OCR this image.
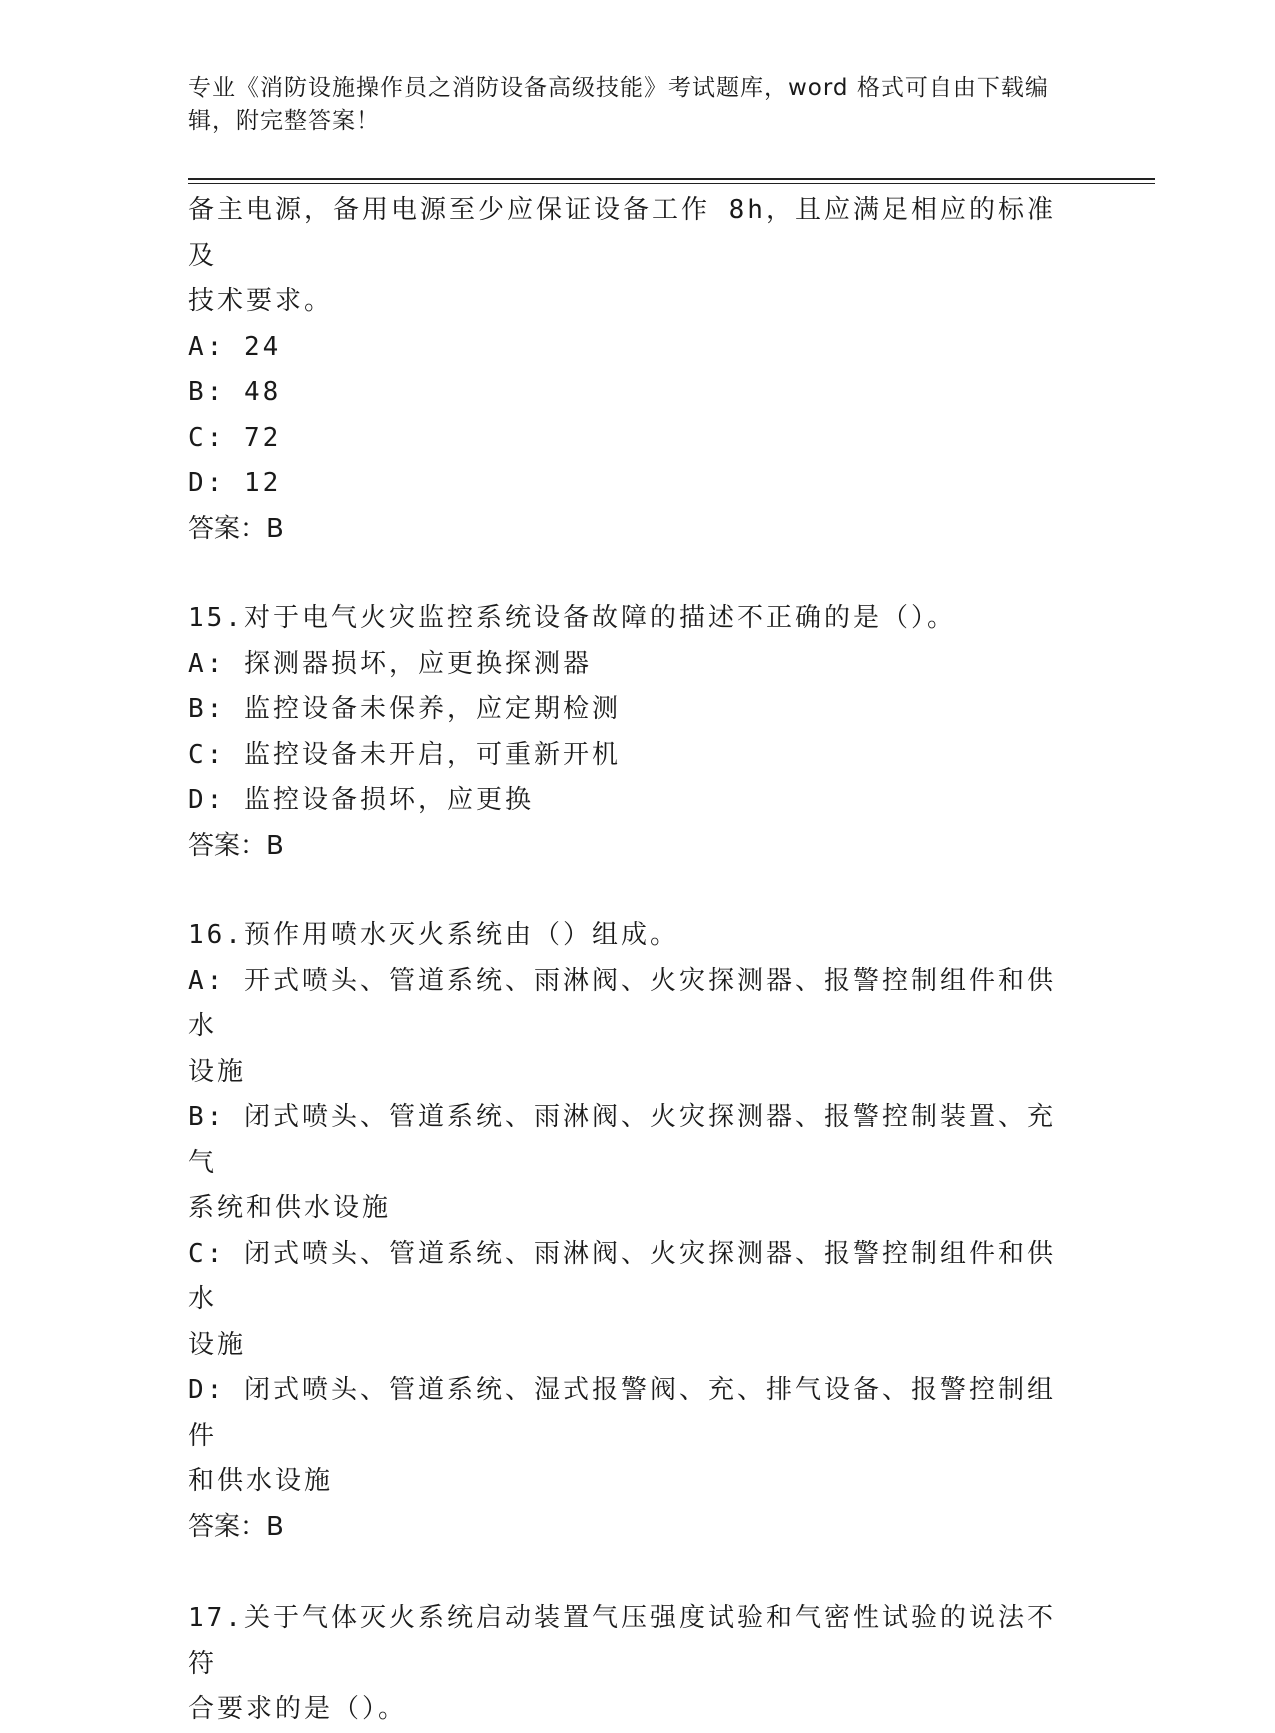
专业《消防设施操作员之消防设备高级技能》考试题库，word 格式可自由下载编
辑，附完整答案！
备主电源，备用电源至少应保证设备工作 8h，且应满足相应的标准及
技术要求。
A: 24
B: 48
C: 72
D: 12
答案：B
15.对于电气火灾监控系统设备故障的描述不正确的是（）。
A: 探测器损坏，应更换探测器
B: 监控设备未保养，应定期检测
C: 监控设备未开启，可重新开机
D: 监控设备损坏，应更换
答案：B
16.预作用喷水灭火系统由（）组成。
A: 开式喷头、管道系统、雨淋阀、火灾探测器、报警控制组件和供水
设施
B: 闭式喷头、管道系统、雨淋阀、火灾探测器、报警控制装置、充气
系统和供水设施
C: 闭式喷头、管道系统、雨淋阀、火灾探测器、报警控制组件和供水
设施
D: 闭式喷头、管道系统、湿式报警阀、充、排气设备、报警控制组件
和供水设施
答案：B
17.关于气体灭火系统启动装置气压强度试验和气密性试验的说法不符
合要求的是（）。
